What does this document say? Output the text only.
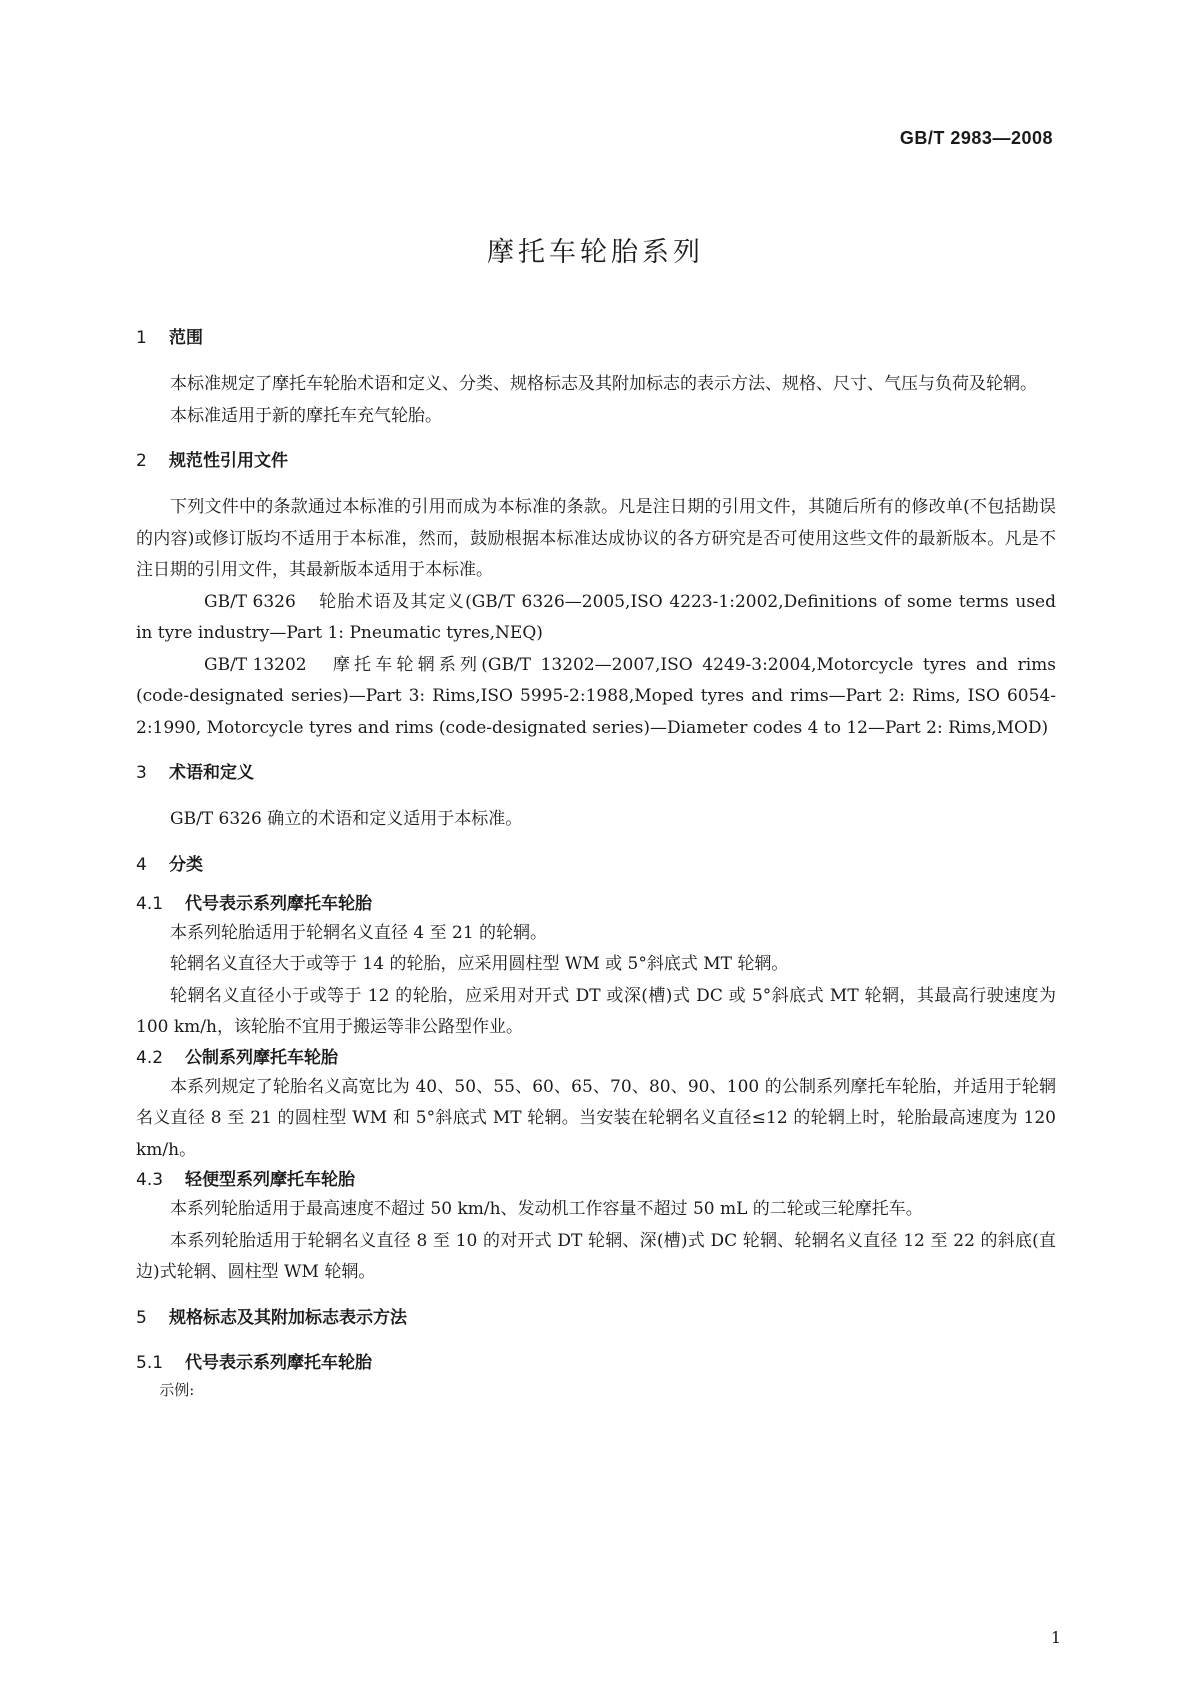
GB/T 2983—2008
摩托车轮胎系列
1 范围

本标准规定了摩托车轮胎术语和定义、分类、规格标志及其附加标志的表示方法、规格、尺寸、气压与负荷及轮辋。

本标准适用于新的摩托车充气轮胎。

2 规范性引用文件

下列文件中的条款通过本标准的引用而成为本标准的条款。凡是注日期的引用文件，其随后所有的修改单(不包括勘误的内容)或修订版均不适用于本标准，然而，鼓励根据本标准达成协议的各方研究是否可使用这些文件的最新版本。凡是不注日期的引用文件，其最新版本适用于本标准。

GB/T 6326 轮胎术语及其定义(GB/T 6326—2005,ISO 4223-1:2002,Definitions of some terms used in tyre industry—Part 1: Pneumatic tyres,NEQ)
GB/T 13202 摩托车轮辋系列(GB/T 13202—2007,ISO 4249-3:2004,Motorcycle tyres and rims (code-designated series)—Part 3: Rims,ISO 5995-2:1988,Moped tyres and rims—Part 2: Rims, ISO 6054-2:1990, Motorcycle tyres and rims (code-designated series)—Diameter codes 4 to 12—Part 2: Rims,MOD)
3 术语和定义

GB/T 6326 确立的术语和定义适用于本标准。

4 分类
4.1 代号表示系列摩托车轮胎

本系列轮胎适用于轮辋名义直径 4 至 21 的轮辋。

轮辋名义直径大于或等于 14 的轮胎，应采用圆柱型 WM 或 5°斜底式 MT 轮辋。

轮辋名义直径小于或等于 12 的轮胎，应采用对开式 DT 或深(槽)式 DC 或 5°斜底式 MT 轮辋，其最高行驶速度为 100 km/h，该轮胎不宜用于搬运等非公路型作业。

4.2 公制系列摩托车轮胎

本系列规定了轮胎名义高宽比为 40、50、55、60、65、70、80、90、100 的公制系列摩托车轮胎，并适用于轮辋名义直径 8 至 21 的圆柱型 WM 和 5°斜底式 MT 轮辋。当安装在轮辋名义直径≤12 的轮辋上时，轮胎最高速度为 120 km/h。

4.3 轻便型系列摩托车轮胎

本系列轮胎适用于最高速度不超过 50 km/h、发动机工作容量不超过 50 mL 的二轮或三轮摩托车。

本系列轮胎适用于轮辋名义直径 8 至 10 的对开式 DT 轮辋、深(槽)式 DC 轮辋、轮辋名义直径 12 至 22 的斜底(直边)式轮辋、圆柱型 WM 轮辋。

5 规格标志及其附加标志表示方法
5.1 代号表示系列摩托车轮胎

示例:

1
